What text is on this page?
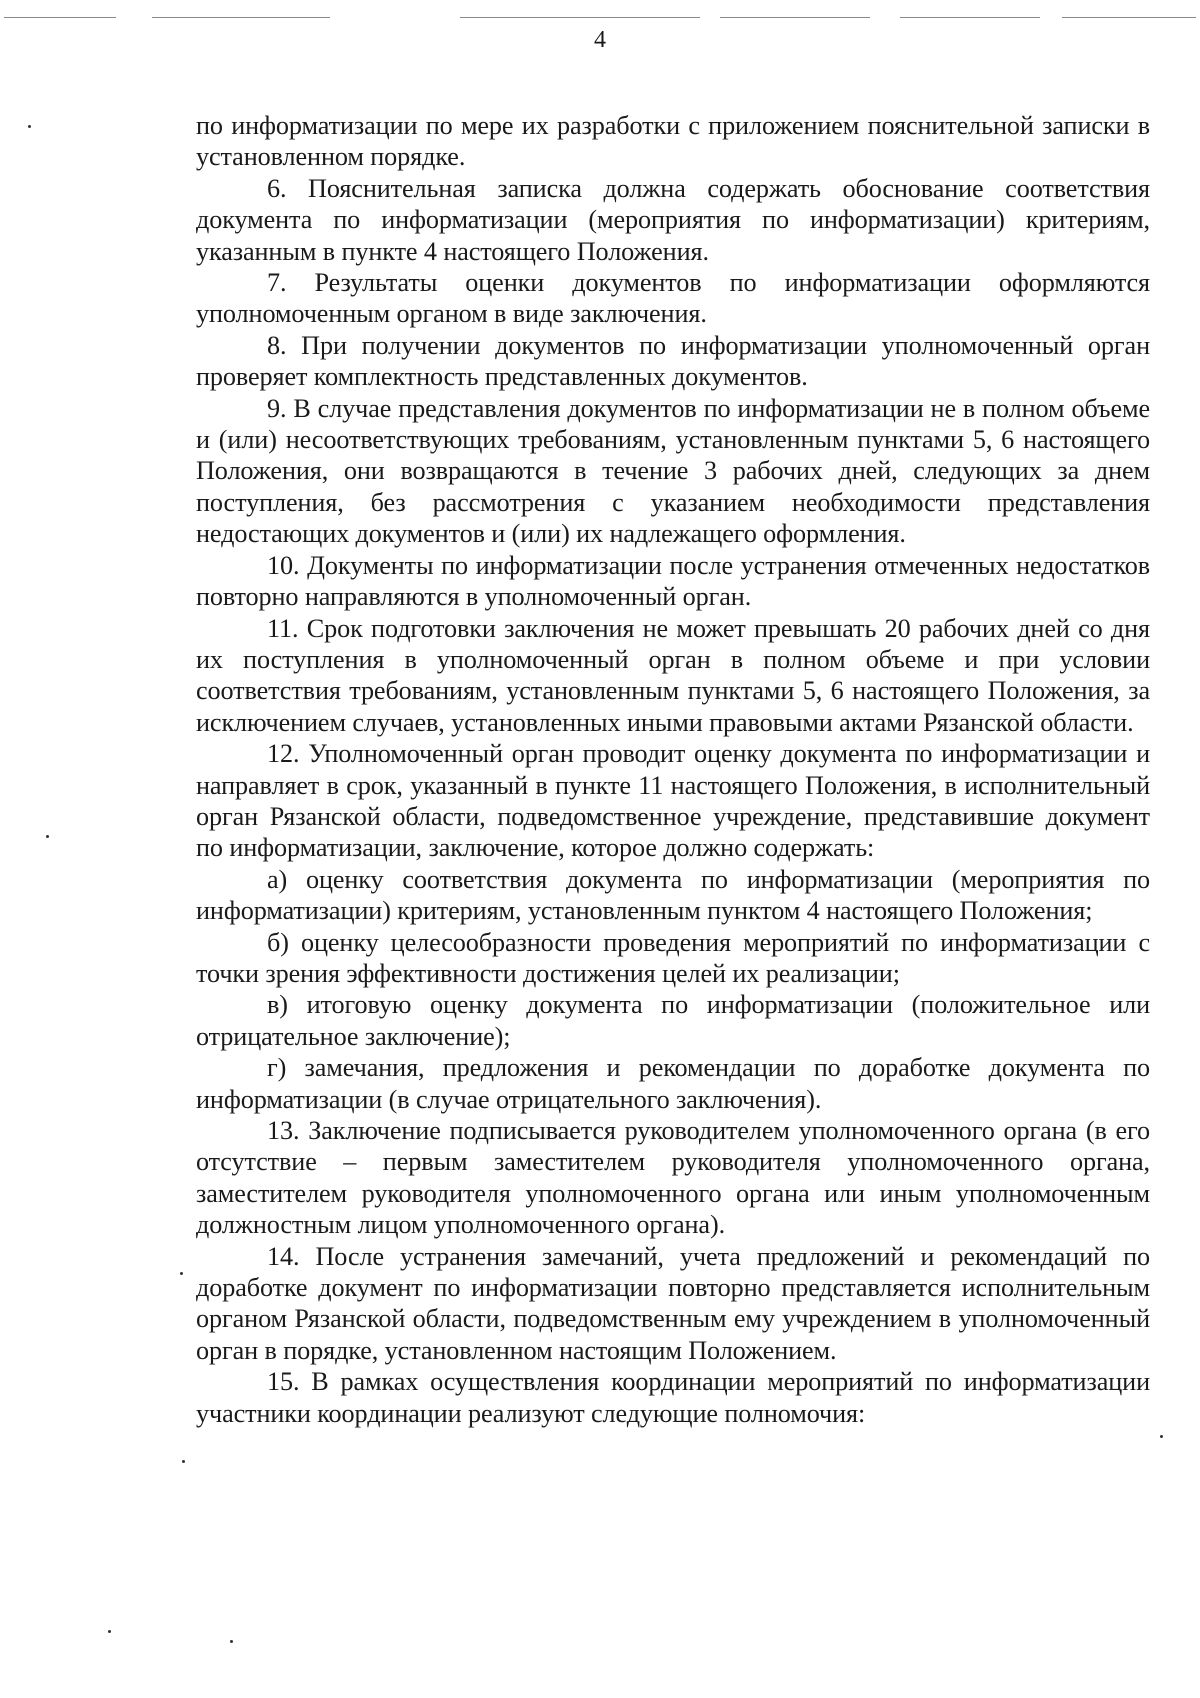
4

по информатизации по мере их разработки с приложением пояснительной записки в установленном порядке.

6. Пояснительная записка должна содержать обоснование соответствия документа по информатизации (мероприятия по информатизации) критериям, указанным в пункте 4 настоящего Положения.

7. Результаты оценки документов по информатизации оформляются уполномоченным органом в виде заключения.

8. При получении документов по информатизации уполномоченный орган проверяет комплектность представленных документов.

9. В случае представления документов по информатизации не в полном объеме и (или) несоответствующих требованиям, установленным пунктами 5, 6 настоящего Положения, они возвращаются в течение 3 рабочих дней, следующих за днем поступления, без рассмотрения с указанием необходимости представления недостающих документов и (или) их надлежащего оформления.

10. Документы по информатизации после устранения отмеченных недостатков повторно направляются в уполномоченный орган.

11. Срок подготовки заключения не может превышать 20 рабочих дней со дня их поступления в уполномоченный орган в полном объеме и при условии соответствия требованиям, установленным пунктами 5, 6 настоящего Положения, за исключением случаев, установленных иными правовыми актами Рязанской области.

12. Уполномоченный орган проводит оценку документа по информатизации и направляет в срок, указанный в пункте 11 настоящего Положения, в исполнительный орган Рязанской области, подведомственное учреждение, представившие документ по информатизации, заключение, которое должно содержать:

а) оценку соответствия документа по информатизации (мероприятия по информатизации) критериям, установленным пунктом 4 настоящего Положения;

б) оценку целесообразности проведения мероприятий по информатизации с точки зрения эффективности достижения целей их реализации;

в) итоговую оценку документа по информатизации (положительное или отрицательное заключение);

г) замечания, предложения и рекомендации по доработке документа по информатизации (в случае отрицательного заключения).

13. Заключение подписывается руководителем уполномоченного органа (в его отсутствие – первым заместителем руководителя уполномоченного органа, заместителем руководителя уполномоченного органа или иным уполномоченным должностным лицом уполномоченного органа).

14. После устранения замечаний, учета предложений и рекомендаций по доработке документ по информатизации повторно представляется исполнительным органом Рязанской области, подведомственным ему учреждением в уполномоченный орган в порядке, установленном настоящим Положением.

15. В рамках осуществления координации мероприятий по информатизации участники координации реализуют следующие полномочия:
